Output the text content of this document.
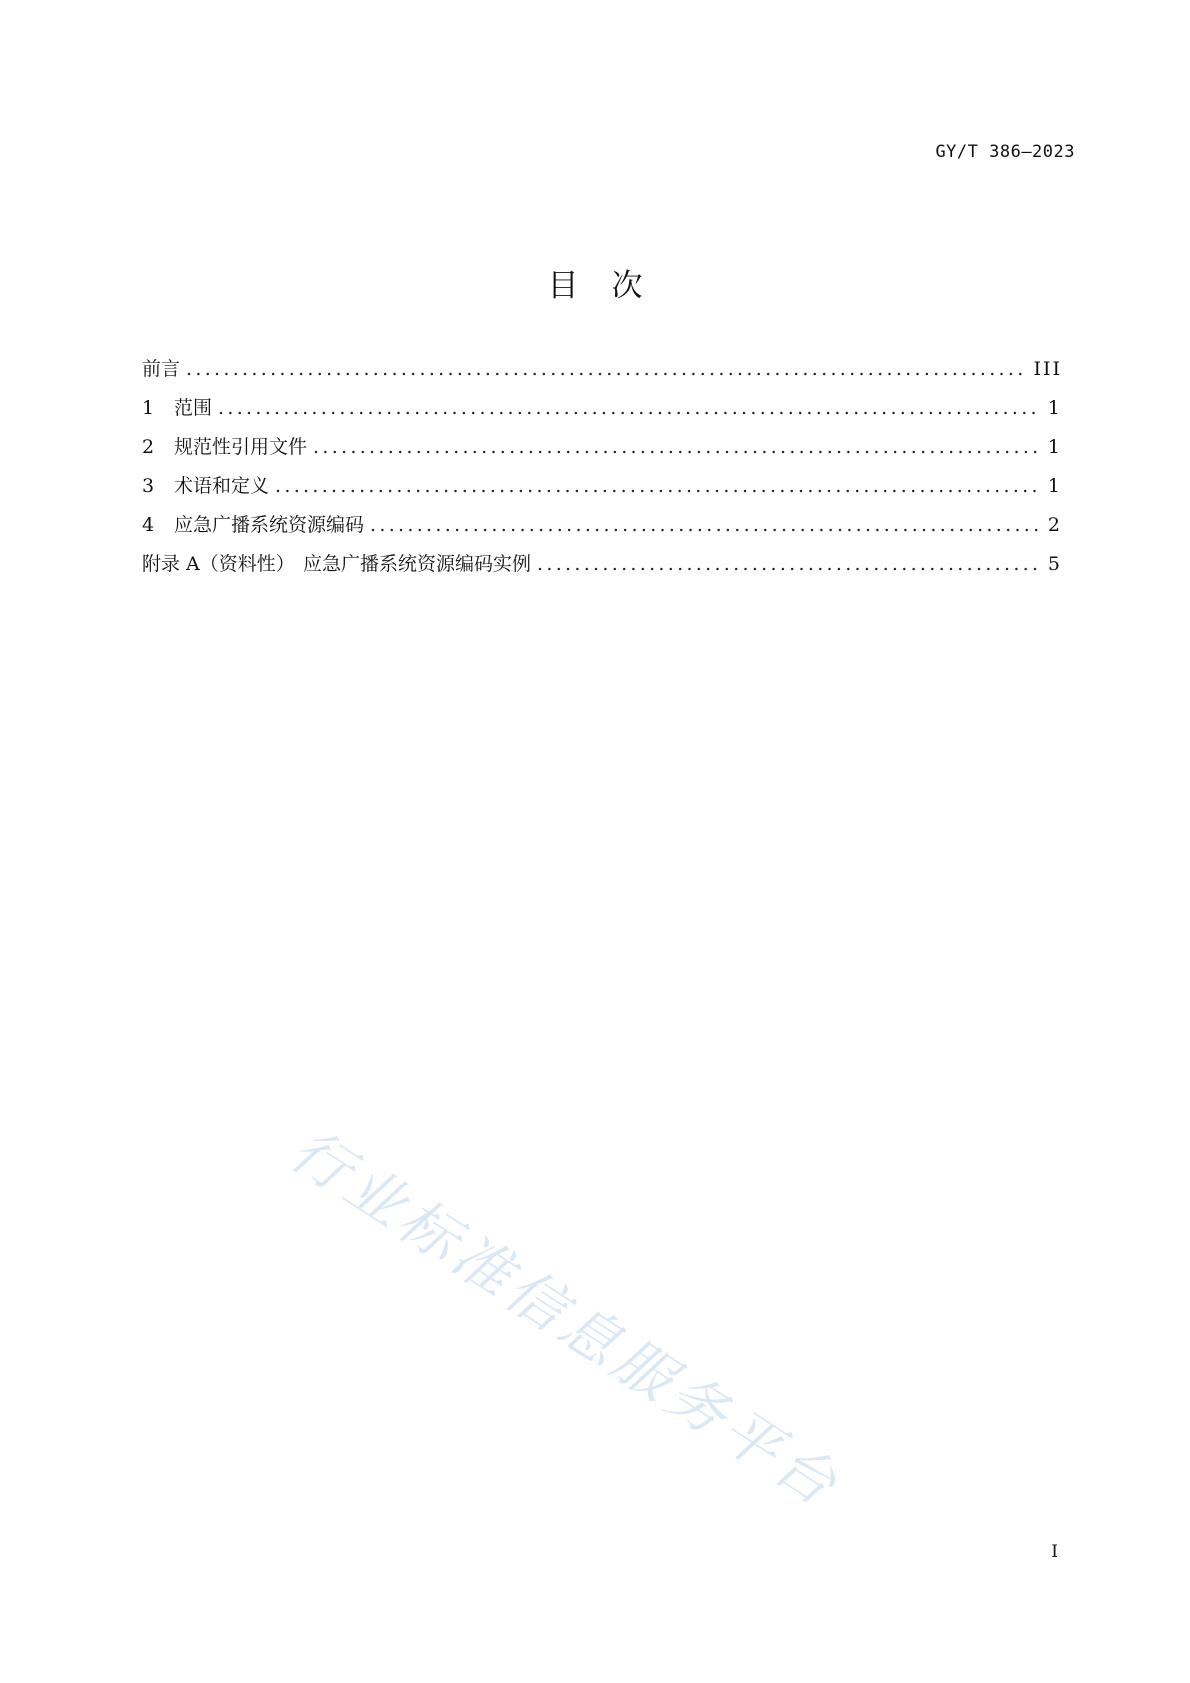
GY/T 386—2023
目次
前言 .....	III
1	范围 .....	1
2	规范性引用文件 .....	1
3	术语和定义 .....	1
4	应急广播系统资源编码 .....	2
附录 A（资料性） 应急广播系统资源编码实例 .....	5
行业标准信息服务平台
I
